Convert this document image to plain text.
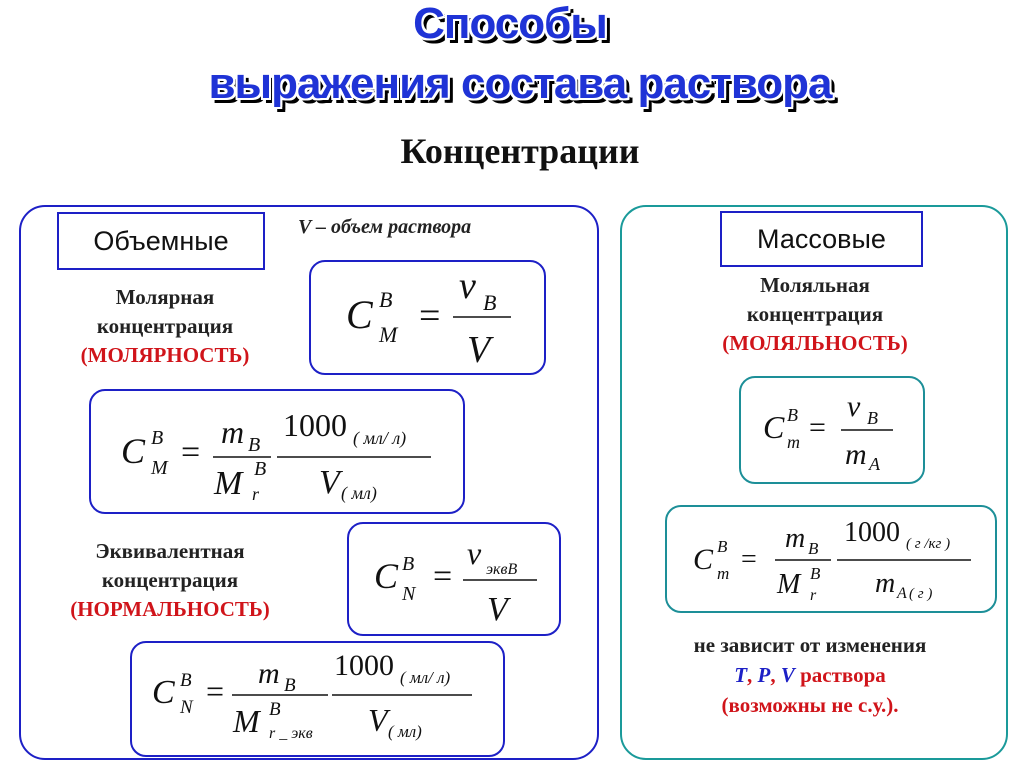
Способы
выражения состава раствора
Концентрации
Объемные	V – объем раствора
Молярная
концентрация
(МОЛЯРНОСТЬ)
C B
M =
ν B
V
C B
M =
m B
M B
r
1000 ( мл/ л)
V ( мл)
Эквивалентная
концентрация
(НОРМАЛЬНОСТЬ)
C B
N =
ν эквB
V
C B
N = m B
M B
r _ экв
1000 ( мл/ л)
V ( мл)
Массовые
Моляльная
концентрация
(МОЛЯЛЬНОСТЬ)
C B
m =
ν B
m A
C B
m =
m B
M B
r
1000 ( г /кг )
m A ( г )
не зависит от изменения
T, P, V раствора
(возможны не с.у.).
